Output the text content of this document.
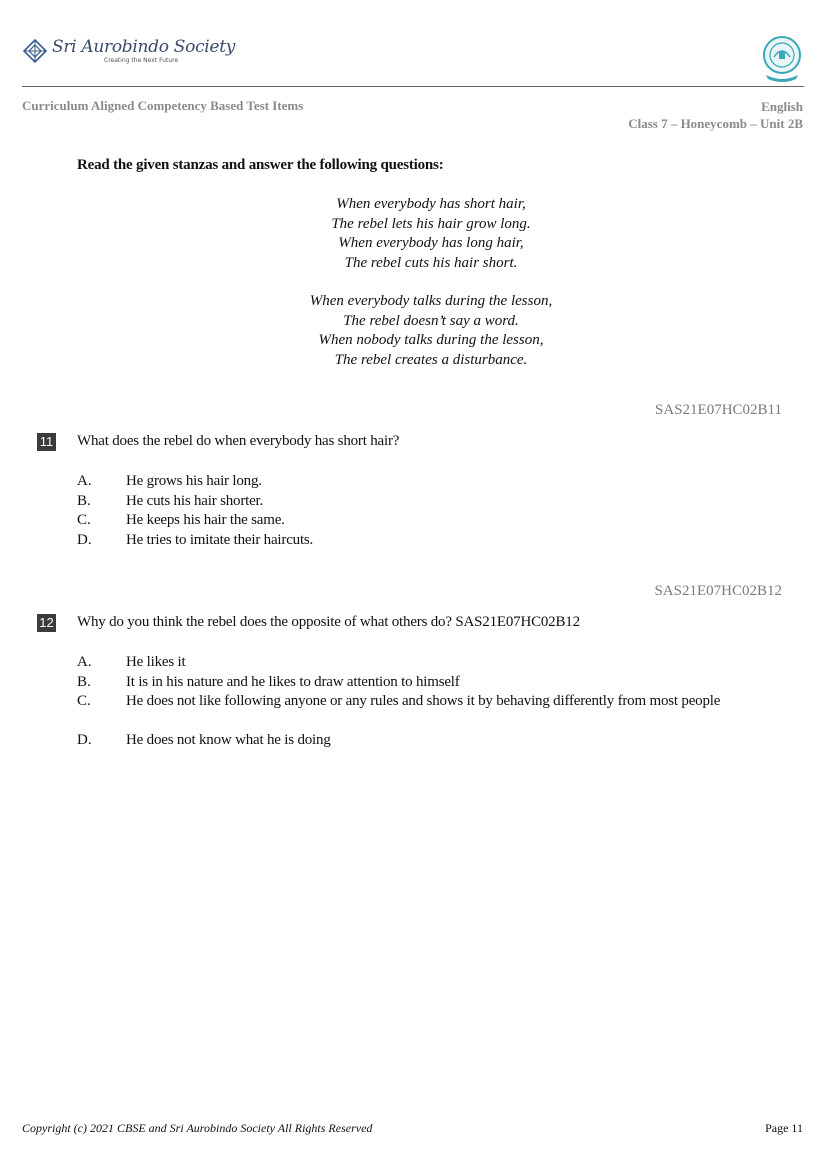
Sri Aurobindo Society
Creating the Next Future
Curriculum Aligned Competency Based Test Items	English
Class 7 – Honeycomb – Unit 2B
Read the given stanzas and answer the following questions:
When everybody has short hair,
The rebel lets his hair grow long.
When everybody has long hair,
The rebel cuts his hair short.
When everybody talks during the lesson,
The rebel doesn’t say a word.
When nobody talks during the lesson,
The rebel creates a disturbance.
SAS21E07HC02B11
11 What does the rebel do when everybody has short hair?
A. He grows his hair long.
B. He cuts his hair shorter.
C. He keeps his hair the same.
D. He tries to imitate their haircuts.
SAS21E07HC02B12
12 Why do you think the rebel does the opposite of what others do? SAS21E07HC02B12
A. He likes it
B. It is in his nature and he likes to draw attention to himself
C. He does not like following anyone or any rules and shows it by behaving differently from most people
D. He does not know what he is doing
Copyright (c) 2021 CBSE and Sri Aurobindo Society All Rights Reserved	Page 11
